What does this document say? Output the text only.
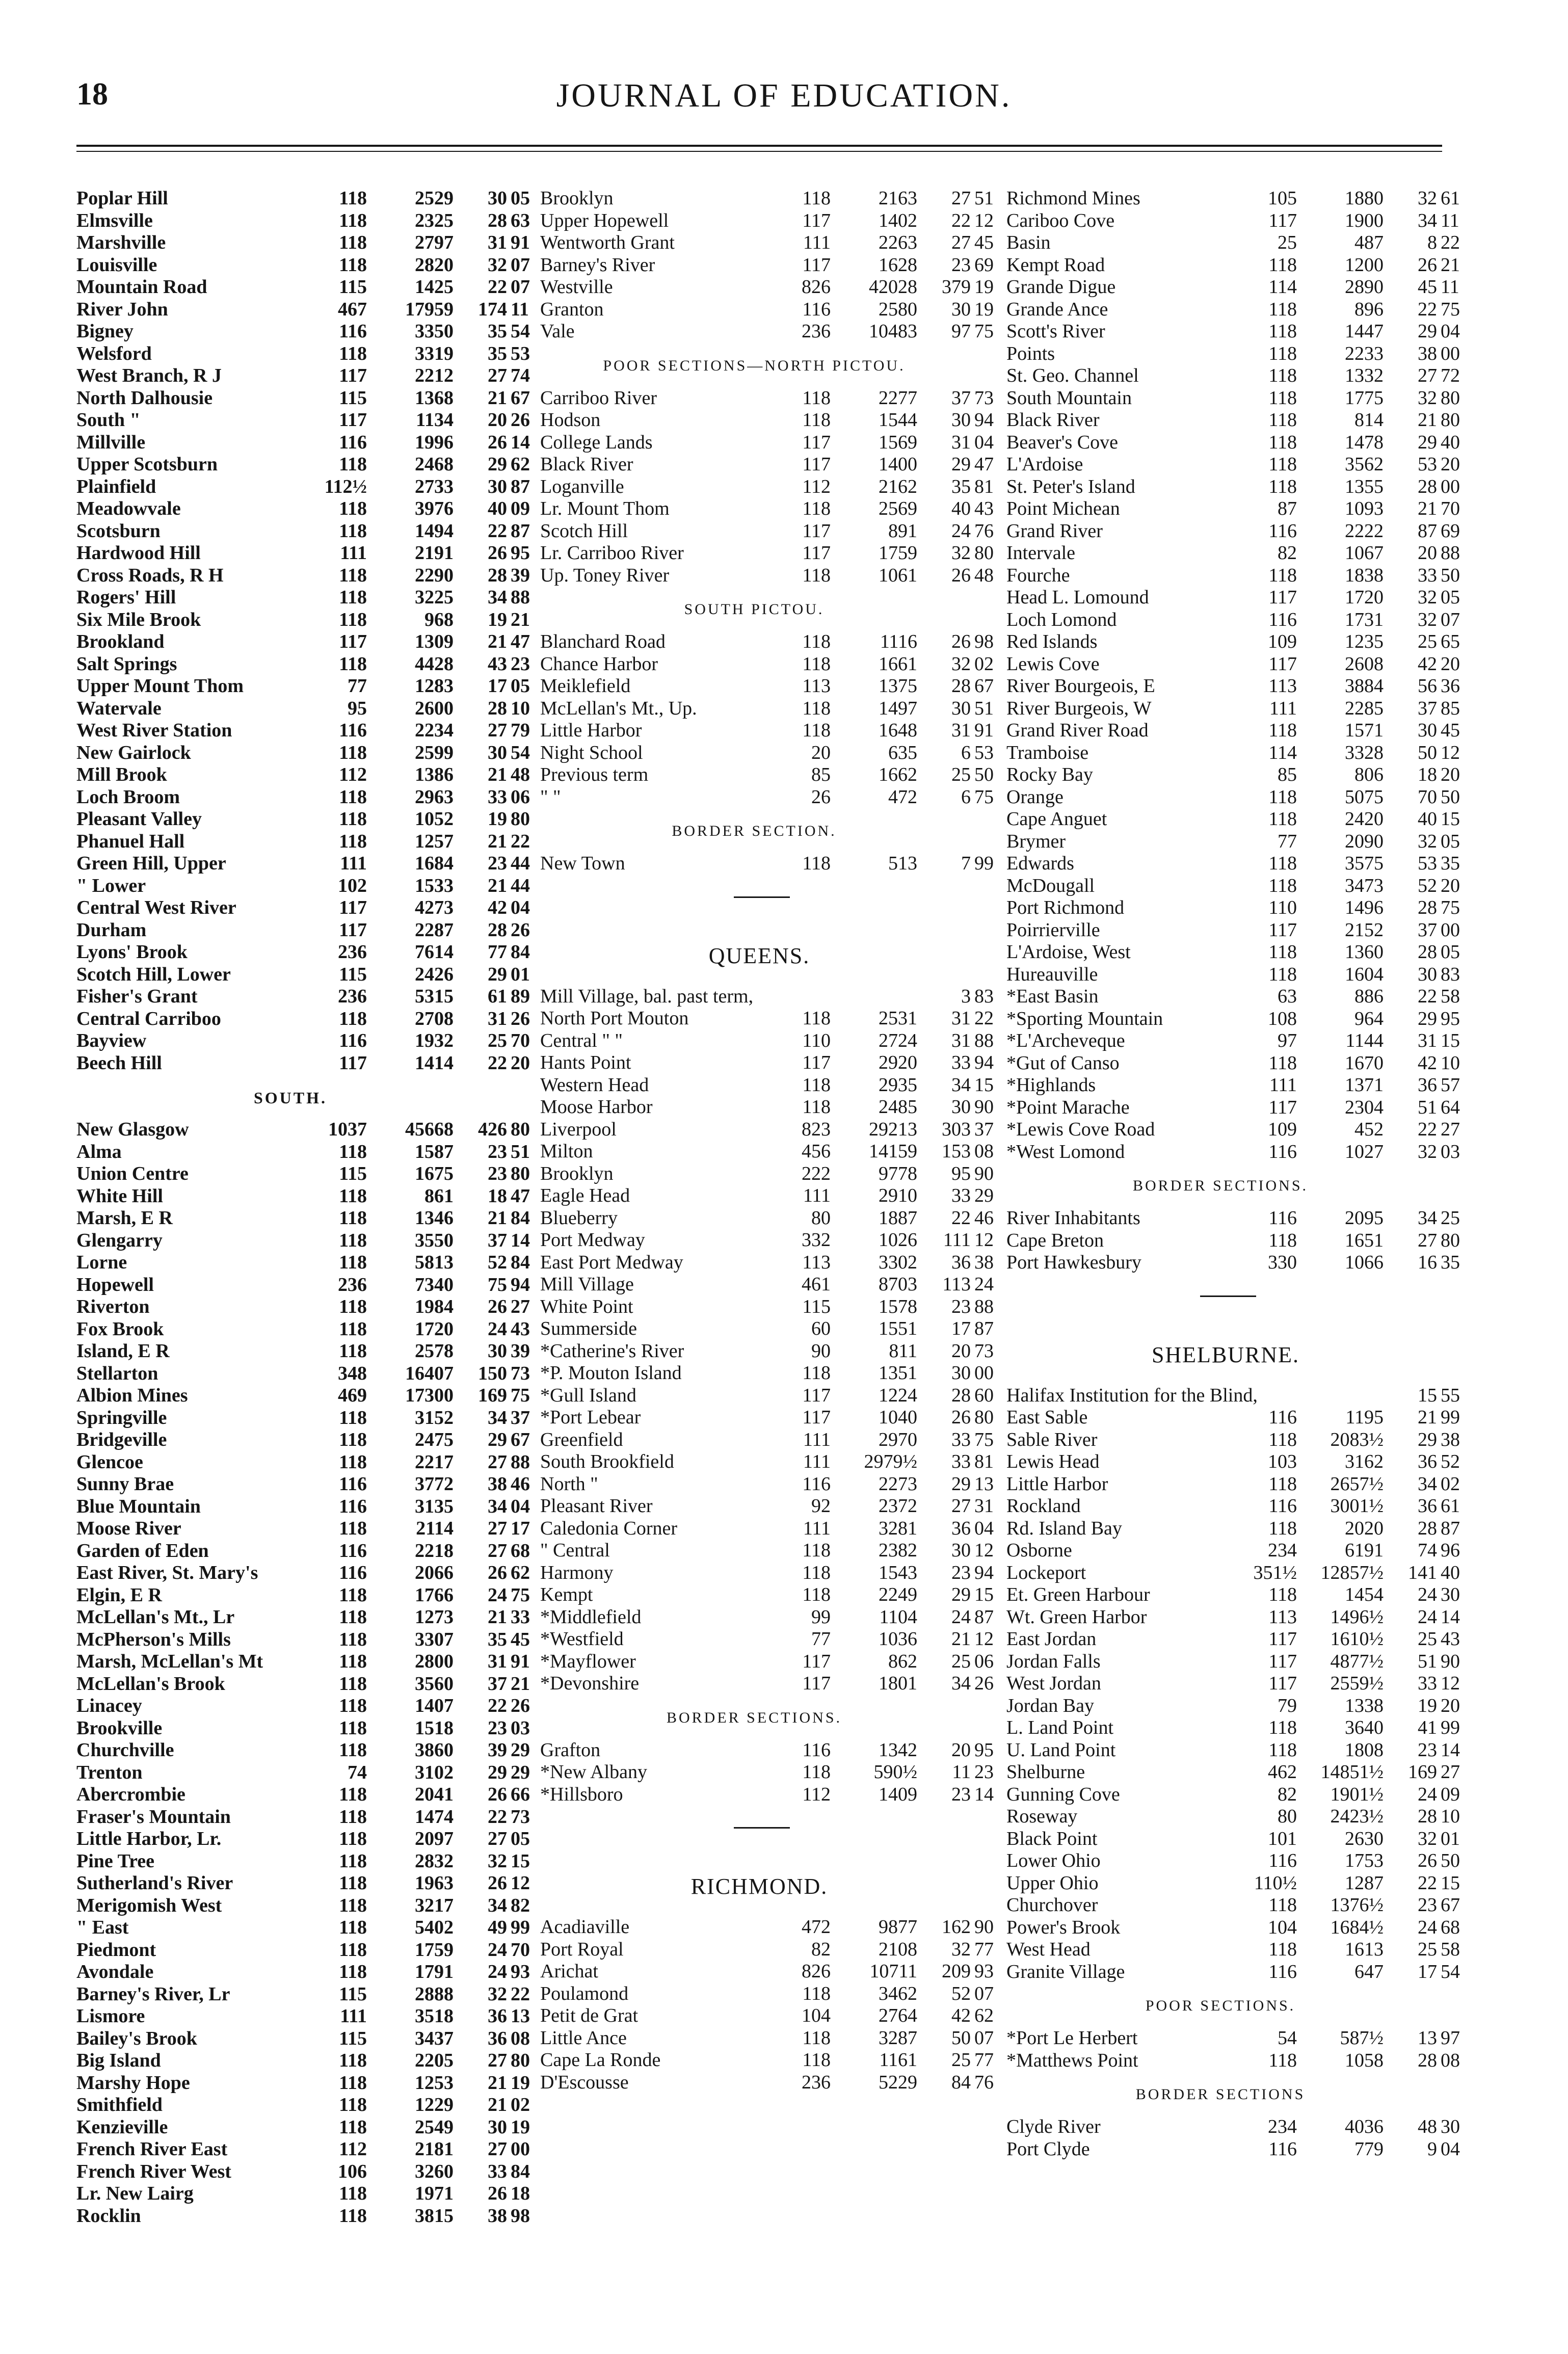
18	JOURNAL OF EDUCATION.
Poplar Hill	118	2529	30 05
Elmsville	118	2325	28 63
Marshville	118	2797	31 91
Louisville	118	2820	32 07
Mountain Road	115	1425	22 07
River John	467	17959	174 11
Bigney	116	3350	35 54
Welsford	118	3319	35 53
West Branch, R J	117	2212	27 74
North Dalhousie	115	1368	21 67
South "	117	1134	20 26
Millville	116	1996	26 14
Upper Scotsburn	118	2468	29 62
Plainfield	112½	2733	30 87
Meadowvale	118	3976	40 09
Scotsburn	118	1494	22 87
Hardwood Hill	111	2191	26 95
Cross Roads, R H	118	2290	28 39
Rogers' Hill	118	3225	34 88
Six Mile Brook	118	968	19 21
Brookland	117	1309	21 47
Salt Springs	118	4428	43 23
Upper Mount Thom	77	1283	17 05
Watervale	95	2600	28 10
West River Station	116	2234	27 79
New Gairlock	118	2599	30 54
Mill Brook	112	1386	21 48
Loch Broom	118	2963	33 06
Pleasant Valley	118	1052	19 80
Phanuel Hall	118	1257	21 22
Green Hill, Upper	111	1684	23 44
" Lower	102	1533	21 44
Central West River	117	4273	42 04
Durham	117	2287	28 26
Lyons' Brook	236	7614	77 84
Scotch Hill, Lower	115	2426	29 01
Fisher's Grant	236	5315	61 89
Central Carriboo	118	2708	31 26
Bayview	116	1932	25 70
Beech Hill	117	1414	22 20
SOUTH.
New Glasgow	1037	45668	426 80
Alma	118	1587	23 51
Union Centre	115	1675	23 80
White Hill	118	861	18 47
Marsh, E R	118	1346	21 84
Glengarry	118	3550	37 14
Lorne	118	5813	52 84
Hopewell	236	7340	75 94
Riverton	118	1984	26 27
Fox Brook	118	1720	24 43
Island, E R	118	2578	30 39
Stellarton	348	16407	150 73
Albion Mines	469	17300	169 75
Springville	118	3152	34 37
Bridgeville	118	2475	29 67
Glencoe	118	2217	27 88
Sunny Brae	116	3772	38 46
Blue Mountain	116	3135	34 04
Moose River	118	2114	27 17
Garden of Eden	116	2218	27 68
East River, St. Mary's	116	2066	26 62
Elgin, E R	118	1766	24 75
McLellan's Mt., Lr	118	1273	21 33
McPherson's Mills	118	3307	35 45
Marsh, McLellan's Mt	118	2800	31 91
McLellan's Brook	118	3560	37 21
Linacey	118	1407	22 26
Brookville	118	1518	23 03
Churchville	118	3860	39 29
Trenton	74	3102	29 29
Abercrombie	118	2041	26 66
Fraser's Mountain	118	1474	22 73
Little Harbor, Lr.	118	2097	27 05
Pine Tree	118	2832	32 15
Sutherland's River	118	1963	26 12
Merigomish West	118	3217	34 82
" East	118	5402	49 99
Piedmont	118	1759	24 70
Avondale	118	1791	24 93
Barney's River, Lr	115	2888	32 22
Lismore	111	3518	36 13
Bailey's Brook	115	3437	36 08
Big Island	118	2205	27 80
Marshy Hope	118	1253	21 19
Smithfield	118	1229	21 02
Kenzieville	118	2549	30 19
French River East	112	2181	27 00
French River West	106	3260	33 84
Lr. New Lairg	118	1971	26 18
Rocklin	118	3815	38 98
Brooklyn	118	2163	27 51
Upper Hopewell	117	1402	22 12
Wentworth Grant	111	2263	27 45
Barney's River	117	1628	23 69
Westville	826	42028	379 19
Granton	116	2580	30 19
Vale	236	10483	97 75
POOR SECTIONS—NORTH PICTOU.
Carriboo River	118	2277	37 73
Hodson	118	1544	30 94
College Lands	117	1569	31 04
Black River	117	1400	29 47
Loganville	112	2162	35 81
Lr. Mount Thom	118	2569	40 43
Scotch Hill	117	891	24 76
Lr. Carriboo River	117	1759	32 80
Up. Toney River	118	1061	26 48
SOUTH PICTOU.
Blanchard Road	118	1116	26 98
Chance Harbor	118	1661	32 02
Meiklefield	113	1375	28 67
McLellan's Mt., Up.	118	1497	30 51
Little Harbor	118	1648	31 91
Night School	20	635	6 53
Previous term	85	1662	25 50
" "	26	472	6 75
BORDER SECTION.
New Town	118	513	7 99
QUEENS.
Mill Village, bal. past term,	3 83
North Port Mouton	118	2531	31 22
Central " "	110	2724	31 88
Hants Point	117	2920	33 94
Western Head	118	2935	34 15
Moose Harbor	118	2485	30 90
Liverpool	823	29213	303 37
Milton	456	14159	153 08
Brooklyn	222	9778	95 90
Eagle Head	111	2910	33 29
Blueberry	80	1887	22 46
Port Medway	332	1026	111 12
East Port Medway	113	3302	36 38
Mill Village	461	8703	113 24
White Point	115	1578	23 88
Summerside	60	1551	17 87
*Catherine's River	90	811	20 73
*P. Mouton Island	118	1351	30 00
*Gull Island	117	1224	28 60
*Port Lebear	117	1040	26 80
Greenfield	111	2970	33 75
South Brookfield	111	2979½	33 81
North "	116	2273	29 13
Pleasant River	92	2372	27 31
Caledonia Corner	111	3281	36 04
" Central	118	2382	30 12
Harmony	118	1543	23 94
Kempt	118	2249	29 15
*Middlefield	99	1104	24 87
*Westfield	77	1036	21 12
*Mayflower	117	862	25 06
*Devonshire	117	1801	34 26
BORDER SECTIONS.
Grafton	116	1342	20 95
*New Albany	118	590½	11 23
*Hillsboro	112	1409	23 14
RICHMOND.
Acadiaville	472	9877	162 90
Port Royal	82	2108	32 77
Arichat	826	10711	209 93
Poulamond	118	3462	52 07
Petit de Grat	104	2764	42 62
Little Ance	118	3287	50 07
Cape La Ronde	118	1161	25 77
D'Escousse	236	5229	84 76
Richmond Mines	105	1880	32 61
Cariboo Cove	117	1900	34 11
Basin	25	487	8 22
Kempt Road	118	1200	26 21
Grande Digue	114	2890	45 11
Grande Ance	118	896	22 75
Scott's River	118	1447	29 04
Points	118	2233	38 00
St. Geo. Channel	118	1332	27 72
South Mountain	118	1775	32 80
Black River	118	814	21 80
Beaver's Cove	118	1478	29 40
L'Ardoise	118	3562	53 20
St. Peter's Island	118	1355	28 00
Point Michean	87	1093	21 70
Grand River	116	2222	87 69
Intervale	82	1067	20 88
Fourche	118	1838	33 50
Head L. Lomound	117	1720	32 05
Loch Lomond	116	1731	32 07
Red Islands	109	1235	25 65
Lewis Cove	117	2608	42 20
River Bourgeois, E	113	3884	56 36
River Burgeois, W	111	2285	37 85
Grand River Road	118	1571	30 45
Tramboise	114	3328	50 12
Rocky Bay	85	806	18 20
Orange	118	5075	70 50
Cape Anguet	118	2420	40 15
Brymer	77	2090	32 05
Edwards	118	3575	53 35
McDougall	118	3473	52 20
Port Richmond	110	1496	28 75
Poirrierville	117	2152	37 00
L'Ardoise, West	118	1360	28 05
Hureauville	118	1604	30 83
*East Basin	63	886	22 58
*Sporting Mountain	108	964	29 95
*L'Archeveque	97	1144	31 15
*Gut of Canso	118	1670	42 10
*Highlands	111	1371	36 57
*Point Marache	117	2304	51 64
*Lewis Cove Road	109	452	22 27
*West Lomond	116	1027	32 03
BORDER SECTIONS.
River Inhabitants	116	2095	34 25
Cape Breton	118	1651	27 80
Port Hawkesbury	330	1066	16 35
SHELBURNE.
Halifax Institution for the Blind,	15 55
East Sable	116	1195	21 99
Sable River	118	2083½	29 38
Lewis Head	103	3162	36 52
Little Harbor	118	2657½	34 02
Rockland	116	3001½	36 61
Rd. Island Bay	118	2020	28 87
Osborne	234	6191	74 96
Lockeport	351½	12857½	141 40
Et. Green Harbour	118	1454	24 30
Wt. Green Harbor	113	1496½	24 14
East Jordan	117	1610½	25 43
Jordan Falls	117	4877½	51 90
West Jordan	117	2559½	33 12
Jordan Bay	79	1338	19 20
L. Land Point	118	3640	41 99
U. Land Point	118	1808	23 14
Shelburne	462	14851½	169 27
Gunning Cove	82	1901½	24 09
Roseway	80	2423½	28 10
Black Point	101	2630	32 01
Lower Ohio	116	1753	26 50
Upper Ohio	110½	1287	22 15
Churchover	118	1376½	23 67
Power's Brook	104	1684½	24 68
West Head	118	1613	25 58
Granite Village	116	647	17 54
POOR SECTIONS.
*Port Le Herbert	54	587½	13 97
*Matthews Point	118	1058	28 08
BORDER SECTIONS
Clyde River	234	4036	48 30
Port Clyde	116	779	9 04
